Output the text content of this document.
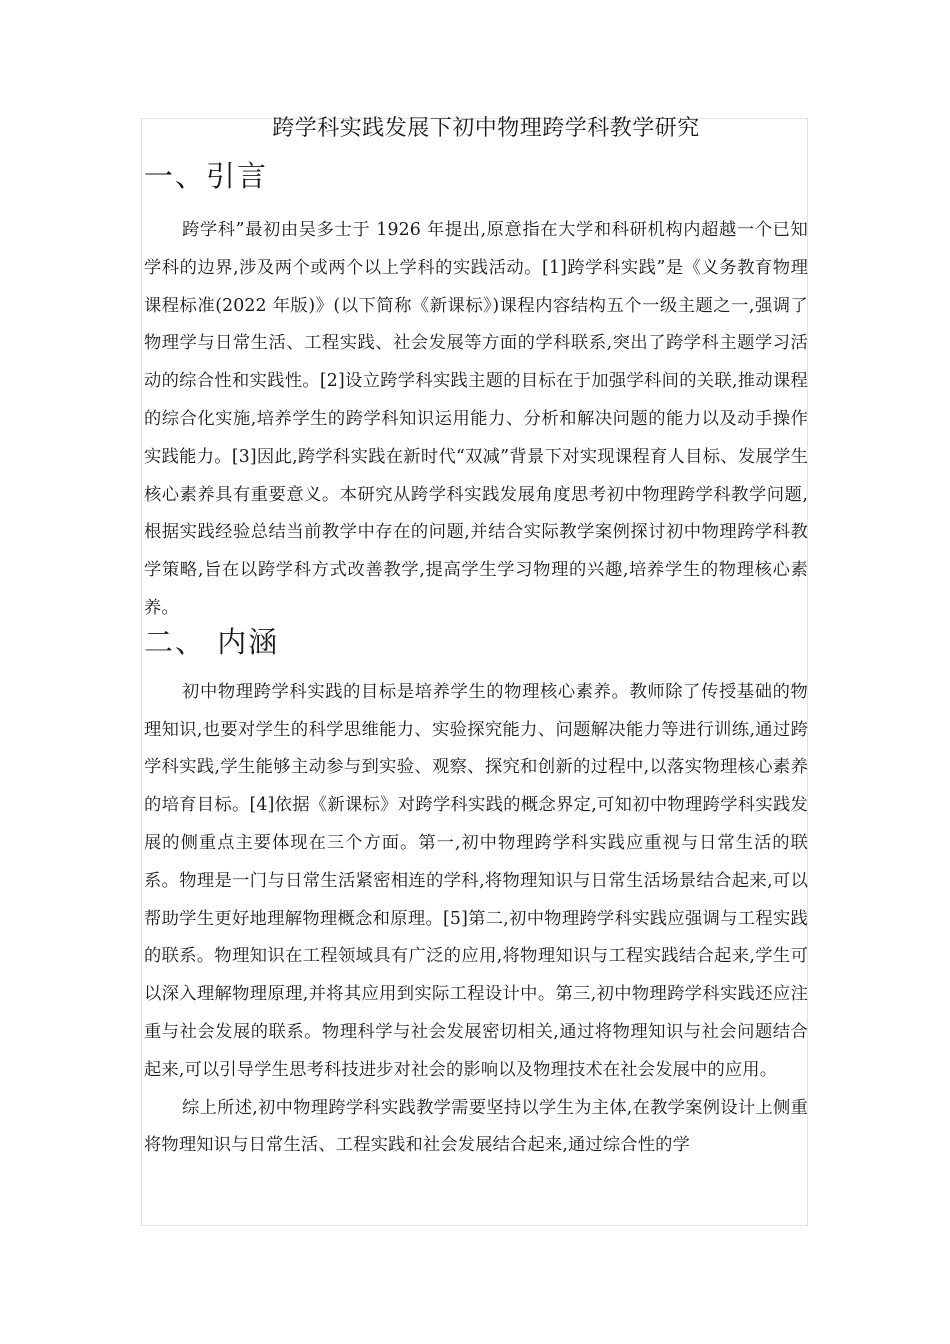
跨学科实践发展下初中物理跨学科教学研究
一、引言

跨学科”最初由吴多士于 1926 年提出,原意指在大学和科研机构内超越一个已知学科的边界,涉及两个或两个以上学科的实践活动。[1]跨学科实践”是《义务教育物理课程标准(2022 年版)》(以下简称《新课标》)课程内容结构五个一级主题之一,强调了物理学与日常生活、工程实践、社会发展等方面的学科联系,突出了跨学科主题学习活动的综合性和实践性。[2]设立跨学科实践主题的目标在于加强学科间的关联,推动课程的综合化实施,培养学生的跨学科知识运用能力、分析和解决问题的能力以及动手操作实践能力。[3]因此,跨学科实践在新时代“双减”背景下对实现课程育人目标、发展学生核心素养具有重要意义。本研究从跨学科实践发展角度思考初中物理跨学科教学问题,根据实践经验总结当前教学中存在的问题,并结合实际教学案例探讨初中物理跨学科教学策略,旨在以跨学科方式改善教学,提高学生学习物理的兴趣,培养学生的物理核心素养。

二、 内涵

初中物理跨学科实践的目标是培养学生的物理核心素养。教师除了传授基础的物理知识,也要对学生的科学思维能力、实验探究能力、问题解决能力等进行训练,通过跨学科实践,学生能够主动参与到实验、观察、探究和创新的过程中,以落实物理核心素养的培育目标。[4]依据《新课标》对跨学科实践的概念界定,可知初中物理跨学科实践发展的侧重点主要体现在三个方面。第一,初中物理跨学科实践应重视与日常生活的联系。物理是一门与日常生活紧密相连的学科,将物理知识与日常生活场景结合起来,可以帮助学生更好地理解物理概念和原理。[5]第二,初中物理跨学科实践应强调与工程实践的联系。物理知识在工程领域具有广泛的应用,将物理知识与工程实践结合起来,学生可以深入理解物理原理,并将其应用到实际工程设计中。第三,初中物理跨学科实践还应注重与社会发展的联系。物理科学与社会发展密切相关,通过将物理知识与社会问题结合起来,可以引导学生思考科技进步对社会的影响以及物理技术在社会发展中的应用。

综上所述,初中物理跨学科实践教学需要坚持以学生为主体,在教学案例设计上侧重将物理知识与日常生活、工程实践和社会发展结合起来,通过综合性的学
